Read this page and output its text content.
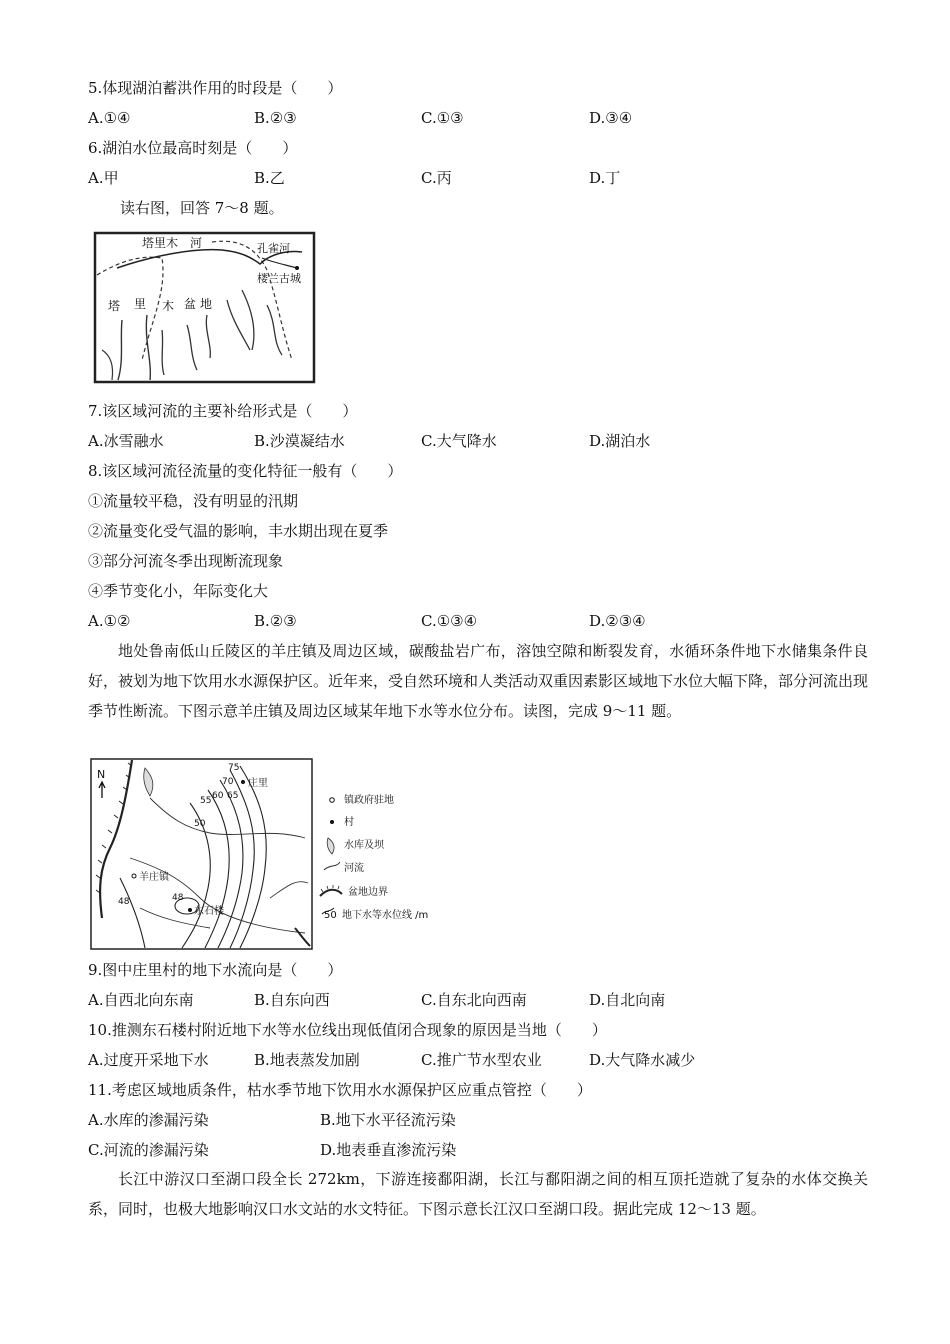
5.体现湖泊蓄洪作用的时段是（　　）
A.①④	B.②③	C.①③	D.③④
6.湖泊水位最高时刻是（　　）
A.甲	B.乙	C.丙	D.丁
读右图，回答 7～8 题。
塔里木　河	孔雀河
楼兰古城
塔 里 木 盆 地
7.该区域河流的主要补给形式是（　　）
A.冰雪融水	B.沙漠凝结水	C.大气降水	D.湖泊水
8.该区域河流径流量的变化特征一般有（　　）
①流量较平稳，没有明显的汛期
②流量变化受气温的影响，丰水期出现在夏季
③部分河流冬季出现断流现象
④季节变化小，年际变化大
A.①②	B.②③	C.①③④	D.②③④
地处鲁南低山丘陵区的羊庄镇及周边区域，碳酸盐岩广布，溶蚀空隙和断裂发育，水循环条件地下水储集条件良好，被划为地下饮用水水源保护区。近年来，受自然环境和人类活动双重因素影区域地下水位大幅下降，部分河流出现季节性断流。下图示意羊庄镇及周边区域某年地下水等水位分布。读图，完成 9～11 题。
N	75
70
65
60
55
50
48
48
庄里
羊庄镇
东石楼
镇政府驻地
村
水库及坝
河流
盆地边界
50 地下水等水位线 /m
9.图中庄里村的地下水流向是（　　）
A.自西北向东南	B.自东向西	C.自东北向西南	D.自北向南
10.推测东石楼村附近地下水等水位线出现低值闭合现象的原因是当地（　　）
A.过度开采地下水	B.地表蒸发加剧	C.推广节水型农业	D.大气降水减少
11.考虑区域地质条件，枯水季节地下饮用水水源保护区应重点管控（　　）
A.水库的渗漏污染	B.地下水平径流污染
C.河流的渗漏污染	D.地表垂直渗流污染
长江中游汉口至湖口段全长 272km，下游连接鄱阳湖，长江与鄱阳湖之间的相互顶托造就了复杂的水体交换关系，同时，也极大地影响汉口水文站的水文特征。下图示意长江汉口至湖口段。据此完成 12～13 题。
